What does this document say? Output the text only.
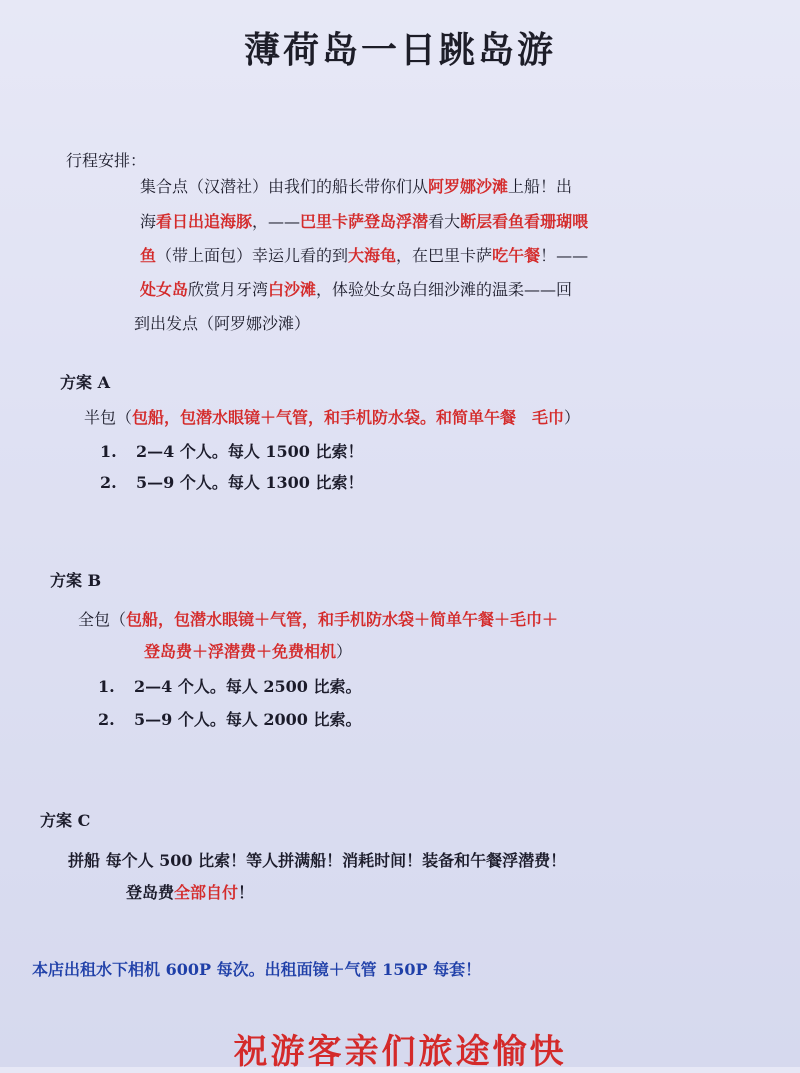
薄荷岛一日跳岛游
行程安排：
集合点（汉潜社）由我们的船长带你们从阿罗娜沙滩上船！出
海看日出追海豚，——巴里卡萨登岛浮潜看大断层看鱼看珊瑚喂
鱼（带上面包）幸运儿看的到大海龟，在巴里卡萨吃午餐！——
处女岛欣赏月牙湾白沙滩，体验处女岛白细沙滩的温柔——回
到出发点（阿罗娜沙滩）
方案 A
半包（包船，包潜水眼镜＋气管，和手机防水袋。和简单午餐　毛巾）
1. 2—4 个人。每人 1500 比索！
2. 5—9 个人。每人 1300 比索！
方案 B
全包（包船，包潜水眼镜＋气管，和手机防水袋＋简单午餐＋毛巾＋
登岛费＋浮潜费＋免费相机）
1. 2—4 个人。每人 2500 比索。
2. 5—9 个人。每人 2000 比索。
方案 C
拼船 每个人 500 比索！等人拼满船！消耗时间！装备和午餐浮潜费！
登岛费全部自付！
本店出租水下相机 600P 每次。出租面镜＋气管 150P 每套！
祝游客亲们旅途愉快
